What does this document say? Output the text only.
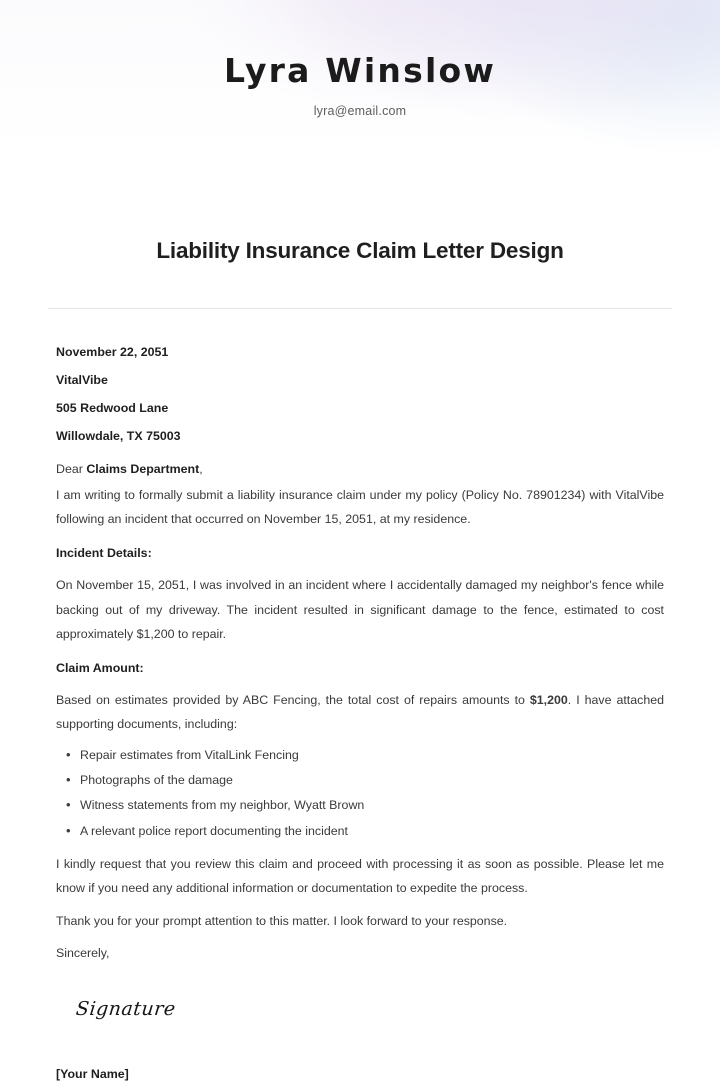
Lyra Winslow
lyra@email.com
Liability Insurance Claim Letter Design
November 22, 2051
VitalVibe
505 Redwood Lane
Willowdale, TX 75003
Dear Claims Department,

I am writing to formally submit a liability insurance claim under my policy (Policy No. 78901234) with VitalVibe following an incident that occurred on November 15, 2051, at my residence.

Incident Details:

On November 15, 2051, I was involved in an incident where I accidentally damaged my neighbor's fence while backing out of my driveway. The incident resulted in significant damage to the fence, estimated to cost approximately $1,200 to repair.

Claim Amount:

Based on estimates provided by ABC Fencing, the total cost of repairs amounts to $1,200. I have attached supporting documents, including:

• Repair estimates from VitalLink Fencing
• Photographs of the damage
• Witness statements from my neighbor, Wyatt Brown
• A relevant police report documenting the incident

I kindly request that you review this claim and proceed with processing it as soon as possible. Please let me know if you need any additional information or documentation to expedite the process.

Thank you for your prompt attention to this matter. I look forward to your response.

Sincerely,

Signature
[Your Name]
